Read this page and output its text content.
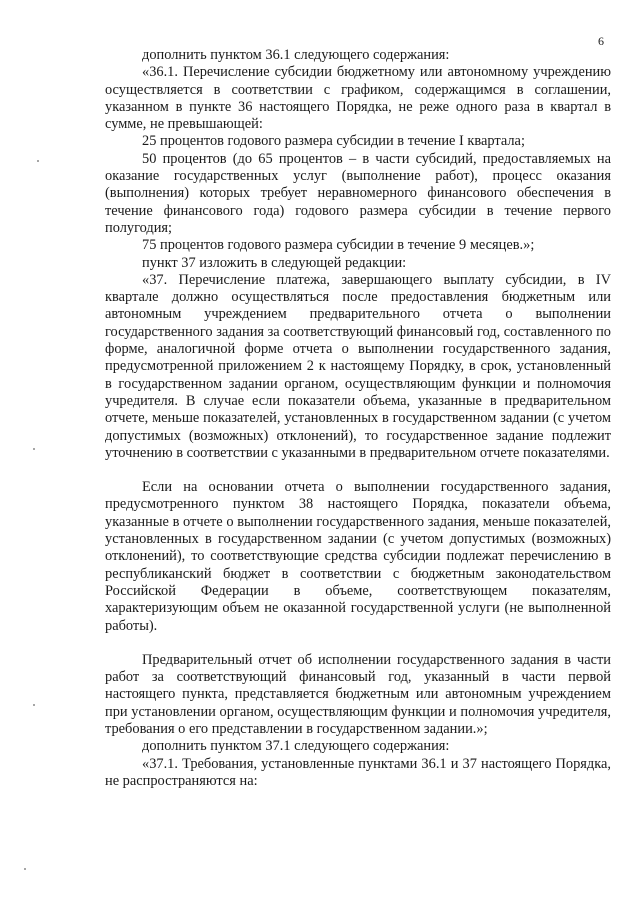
6

дополнить пунктом 36.1 следующего содержания:

«36.1. Перечисление субсидии бюджетному или автономному учреждению осуществляется в соответствии с графиком, содержащимся в соглашении, указанном в пункте 36 настоящего Порядка, не реже одного раза в квартал в сумме, не превышающей:

25 процентов годового размера субсидии в течение I квартала;

50 процентов (до 65 процентов – в части субсидий, предоставляемых на оказание государственных услуг (выполнение работ), процесс оказания (выполнения) которых требует неравномерного финансового обеспечения в течение финансового года) годового размера субсидии в течение первого полугодия;

75 процентов годового размера субсидии в течение 9 месяцев.»;

пункт 37 изложить в следующей редакции:

«37. Перечисление платежа, завершающего выплату субсидии, в IV квартале должно осуществляться после предоставления бюджетным или автономным учреждением предварительного отчета о выполнении государственного задания за соответствующий финансовый год, составленного по форме, аналогичной форме отчета о выполнении государственного задания, предусмотренной приложением 2 к настоящему Порядку, в срок, установленный в государственном задании органом, осуществляющим функции и полномочия учредителя. В случае если показатели объема, указанные в предварительном отчете, меньше показателей, установленных в государственном задании (с учетом допустимых (возможных) отклонений), то государственное задание подлежит уточнению в соответствии с указанными в предварительном отчете показателями.

Если на основании отчета о выполнении государственного задания, предусмотренного пунктом 38 настоящего Порядка, показатели объема, указанные в отчете о выполнении государственного задания, меньше показателей, установленных в государственном задании (с учетом допустимых (возможных) отклонений), то соответствующие средства субсидии подлежат перечислению в республиканский бюджет в соответствии с бюджетным законодательством Российской Федерации в объеме, соответствующем показателям, характеризующим объем не оказанной государственной услуги (не выполненной работы).

Предварительный отчет об исполнении государственного задания в части работ за соответствующий финансовый год, указанный в части первой настоящего пункта, представляется бюджетным или автономным учреждением при установлении органом, осуществляющим функции и полномочия учредителя, требования о его представлении в государственном задании.»;

дополнить пунктом 37.1 следующего содержания:

«37.1. Требования, установленные пунктами 36.1 и 37 настоящего Порядка, не распространяются на:
